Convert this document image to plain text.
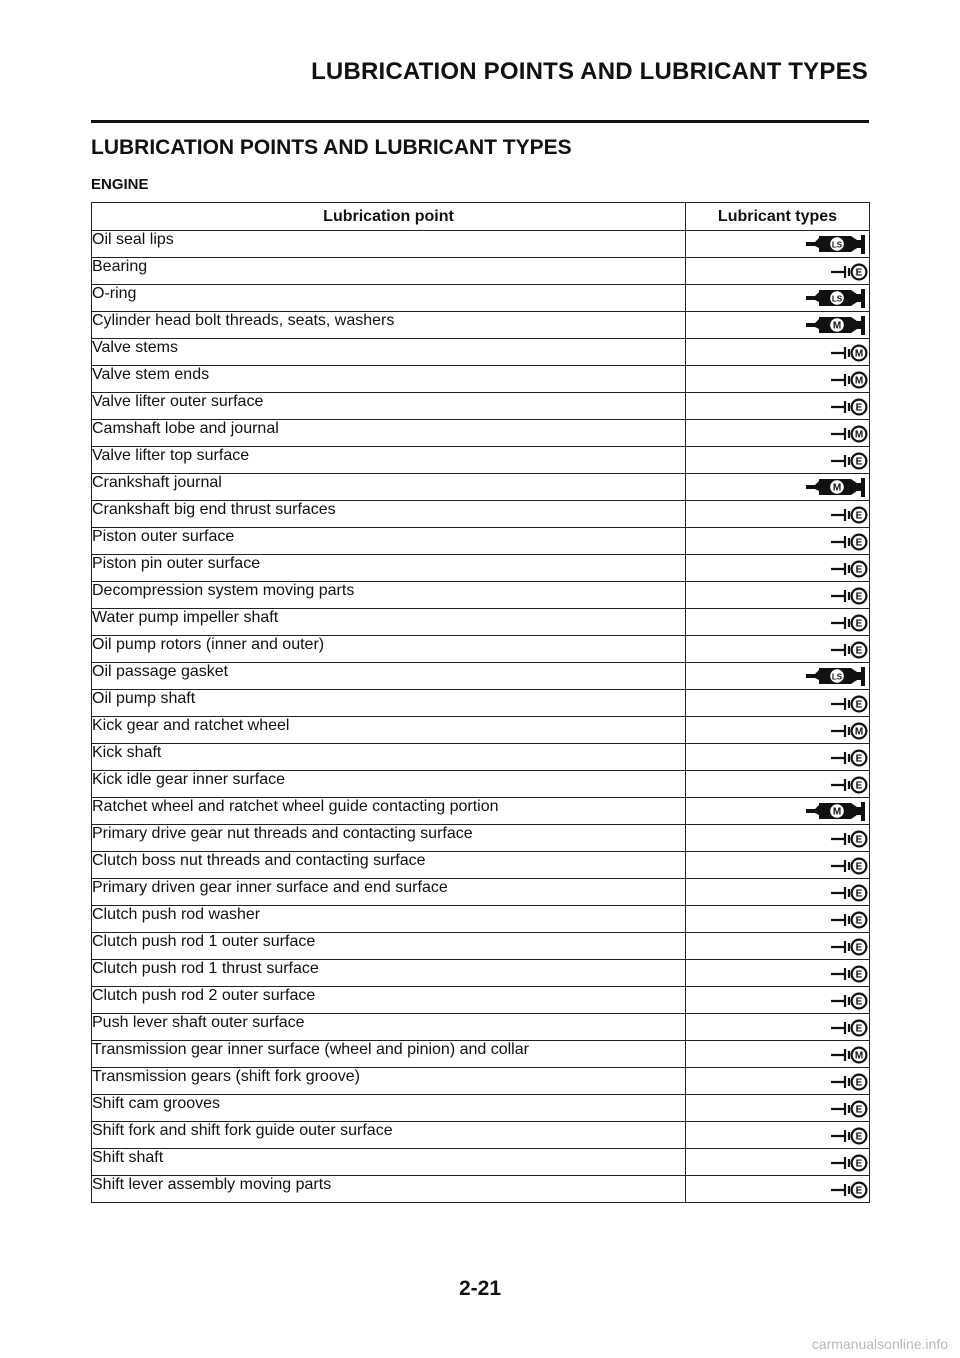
LUBRICATION POINTS AND LUBRICANT TYPES
LUBRICATION POINTS AND LUBRICANT TYPES
ENGINE
Lubrication point	Lubricant types
Oil seal lips	LS

Bearing	E

O-ring	LS

Cylinder head bolt threads, seats, washers	M

Valve stems	M

Valve stem ends	M

Valve lifter outer surface	E

Camshaft lobe and journal	M

Valve lifter top surface	E

Crankshaft journal	M

Crankshaft big end thrust surfaces	E

Piston outer surface	E

Piston pin outer surface	E

Decompression system moving parts	E

Water pump impeller shaft	E

Oil pump rotors (inner and outer)	E

Oil passage gasket	LS

Oil pump shaft	E

Kick gear and ratchet wheel	M

Kick shaft	E

Kick idle gear inner surface	E

Ratchet wheel and ratchet wheel guide contacting portion	M

Primary drive gear nut threads and contacting surface	E

Clutch boss nut threads and contacting surface	E

Primary driven gear inner surface and end surface	E

Clutch push rod washer	E

Clutch push rod 1 outer surface	E

Clutch push rod 1 thrust surface	E

Clutch push rod 2 outer surface	E

Push lever shaft outer surface	E

Transmission gear inner surface (wheel and pinion) and collar	M

Transmission gears (shift fork groove)	E

Shift cam grooves	E

Shift fork and shift fork guide outer surface	E

Shift shaft	E

Shift lever assembly moving parts	E
2-21
carmanualsonline.info
